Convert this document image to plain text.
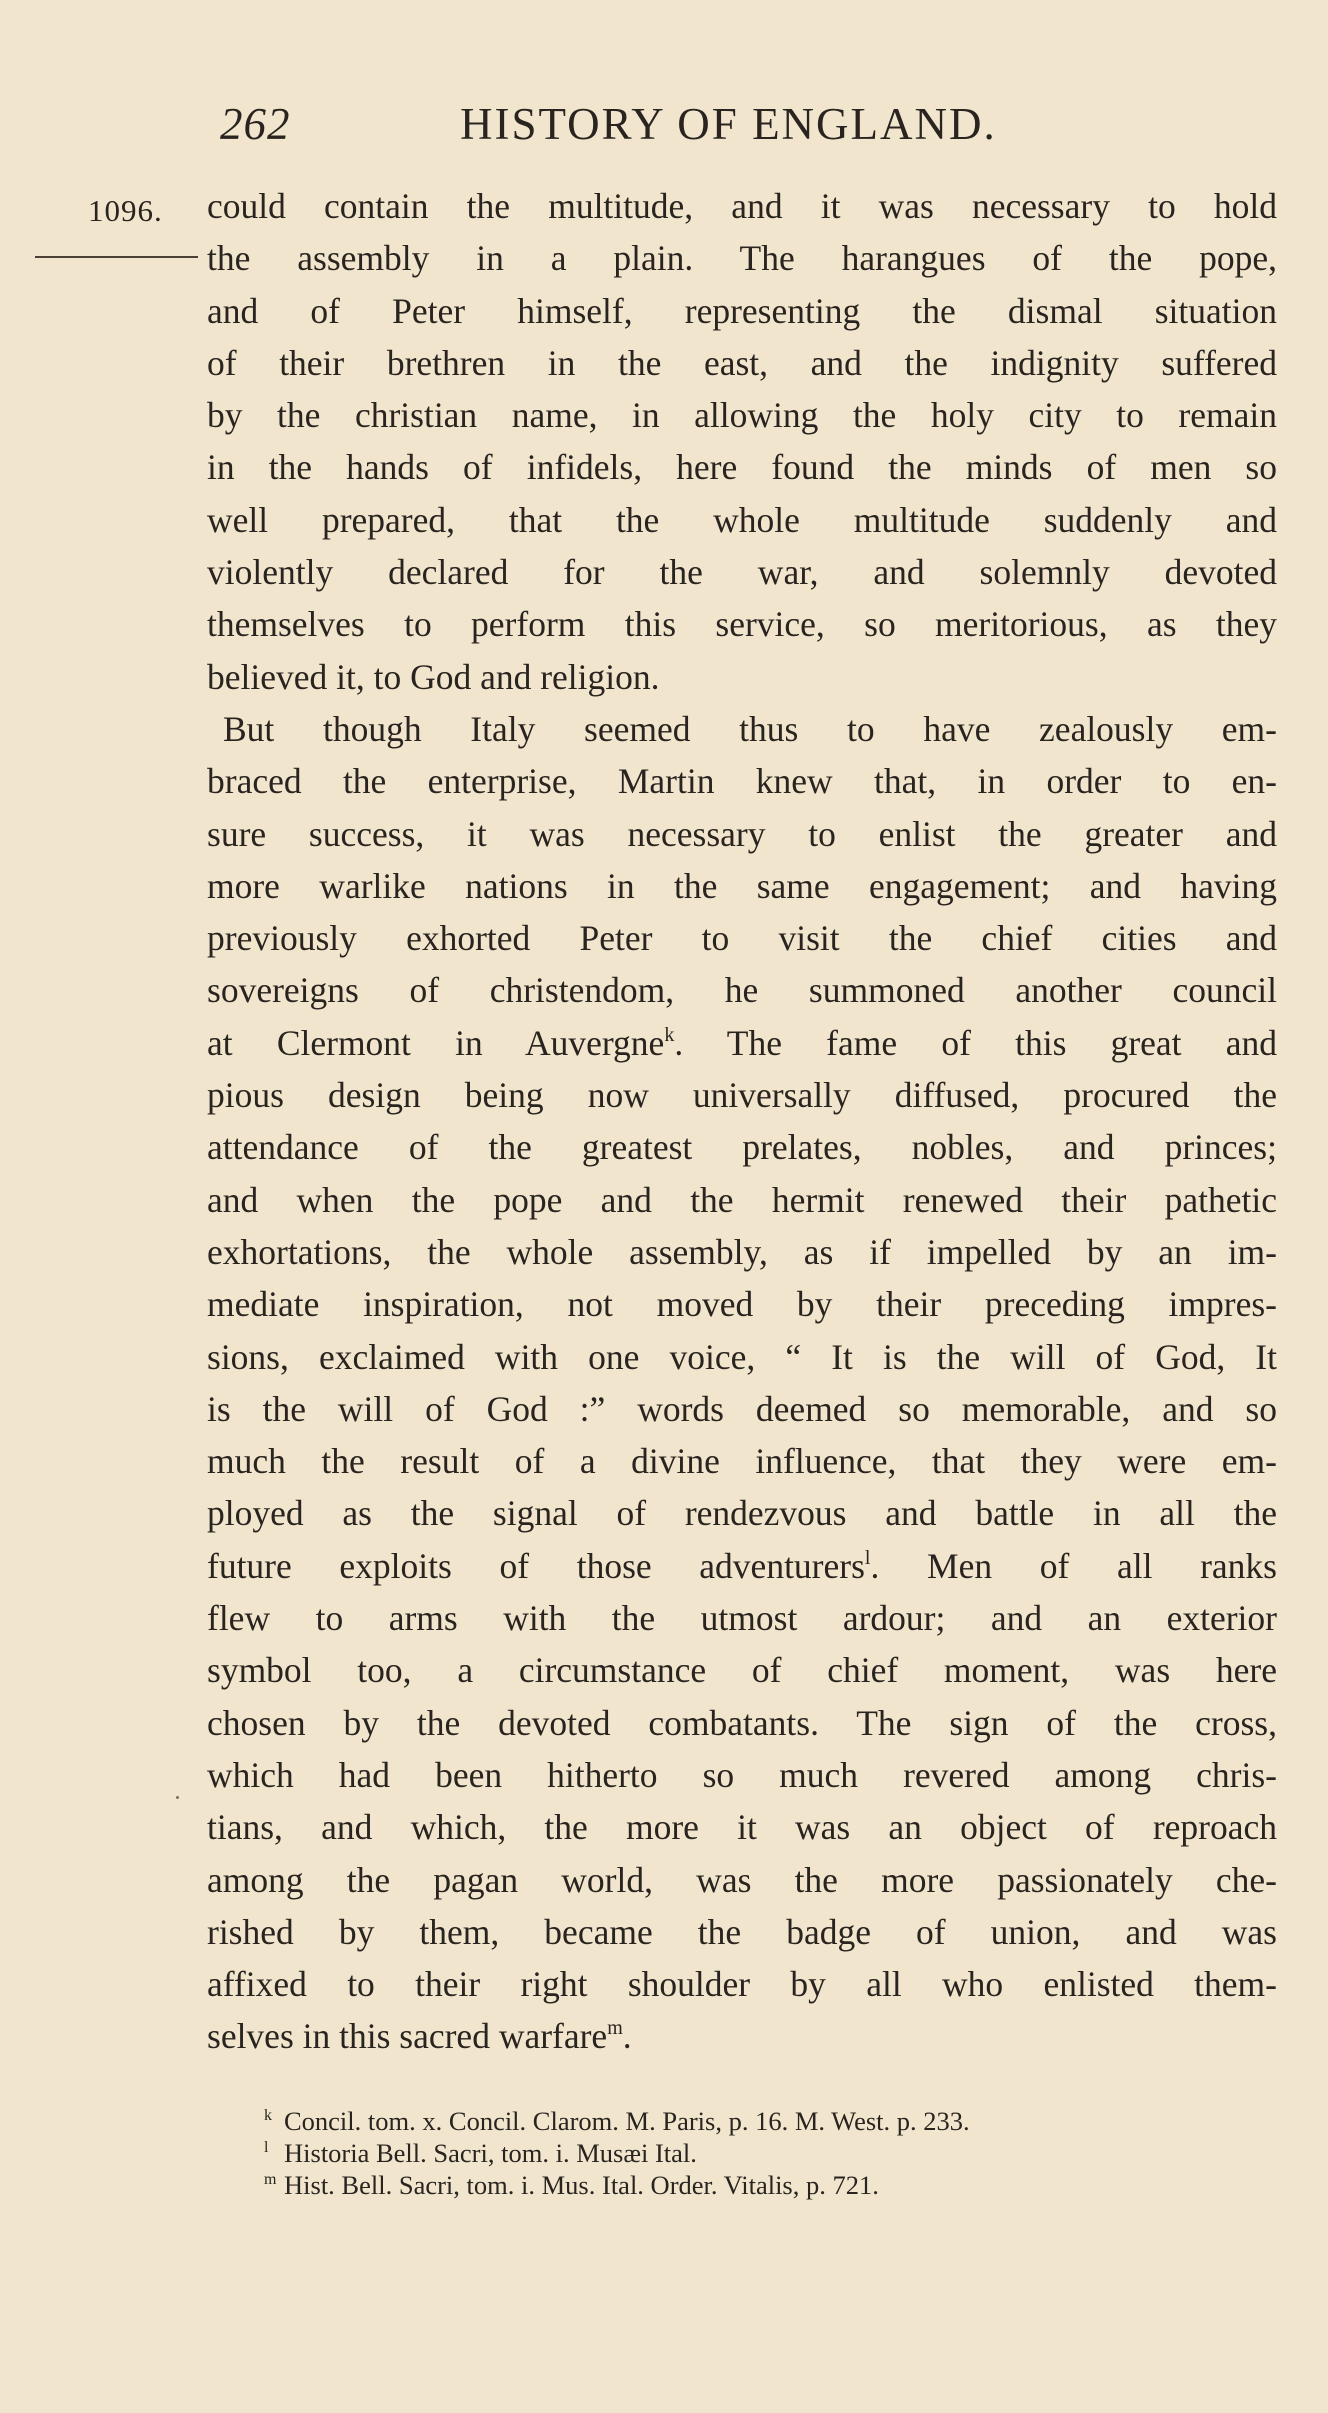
262	HISTORY OF ENGLAND.
1096. could contain the multitude, and it was necessary to hold
the assembly in a plain. The harangues of the pope,
and of Peter himself, representing the dismal situation
of their brethren in the east, and the indignity suffered
by the christian name, in allowing the holy city to remain
in the hands of infidels, here found the minds of men so
well prepared, that the whole multitude suddenly and
violently declared for the war, and solemnly devoted
themselves to perform this service, so meritorious, as they
believed it, to God and religion.
But though Italy seemed thus to have zealously em-
braced the enterprise, Martin knew that, in order to en-
sure success, it was necessary to enlist the greater and
more warlike nations in the same engagement; and having
previously exhorted Peter to visit the chief cities and
sovereigns of christendom, he summoned another council
at Clermont in Auvergne$^k$. The fame of this great and
pious design being now universally diffused, procured the
attendance of the greatest prelates, nobles, and princes;
and when the pope and the hermit renewed their pathetic
exhortations, the whole assembly, as if impelled by an im-
mediate inspiration, not moved by their preceding impres-
sions, exclaimed with one voice, “ It is the will of God, It
is the will of God :” words deemed so memorable, and so
much the result of a divine influence, that they were em-
ployed as the signal of rendezvous and battle in all the
future exploits of those adventurers$^l$. Men of all ranks
flew to arms with the utmost ardour; and an exterior
symbol too, a circumstance of chief moment, was here
chosen by the devoted combatants. The sign of the cross,
which had been hitherto so much revered among chris-
tians, and which, the more it was an object of reproach
among the pagan world, was the more passionately che-
rished by them, became the badge of union, and was
affixed to their right shoulder by all who enlisted them-
selves in this sacred warfare$^m$.
$^k$ Concil. tom. x. Concil. Clarom. M. Paris, p. 16. M. West. p. 233.
$^l$ Historia Bell. Sacri, tom. i. Musæi Ital.
$^m$ Hist. Bell. Sacri, tom. i. Mus. Ital. Order. Vitalis, p. 721.
